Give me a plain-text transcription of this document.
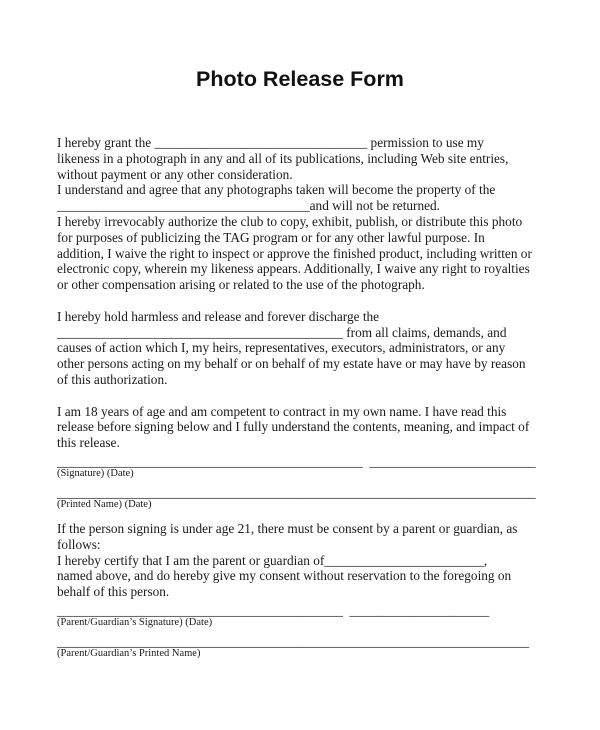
Photo Release Form
I hereby grant the ________________________________ permission to use my
likeness in a photograph in any and all of its publications, including Web site entries,
without payment or any other consideration.
I understand and agree that any photographs taken will become the property of the
______________________________________and will not be returned.
I hereby irrevocably authorize the club to copy, exhibit, publish, or distribute this photo
for purposes of publicizing the TAG program or for any other lawful purpose. In
addition, I waive the right to inspect or approve the finished product, including written or
electronic copy, wherein my likeness appears. Additionally, I waive any right to royalties
or other compensation arising or related to the use of the photograph.
I hereby hold harmless and release and forever discharge the
___________________________________________ from all claims, demands, and
causes of action which I, my heirs, representatives, executors, administrators, or any
other persons acting on my behalf or on behalf of my estate have or may have by reason
of this authorization.
I am 18 years of age and am competent to contract in my own name. I have read this
release before signing below and I fully understand the contents, meaning, and impact of
this release.
______________________________________________  _________________________
(Signature) (Date)
________________________________________________________________________
(Printed Name) (Date)
If the person signing is under age 21, there must be consent by a parent or guardian, as
follows:
I hereby certify that I am the parent or guardian of________________________,
named above, and do hereby give my consent without reservation to the foregoing on
behalf of this person.
___________________________________________  _____________________
(Parent/Guardian’s Signature) (Date)
_______________________________________________________________________
(Parent/Guardian’s Printed Name)
